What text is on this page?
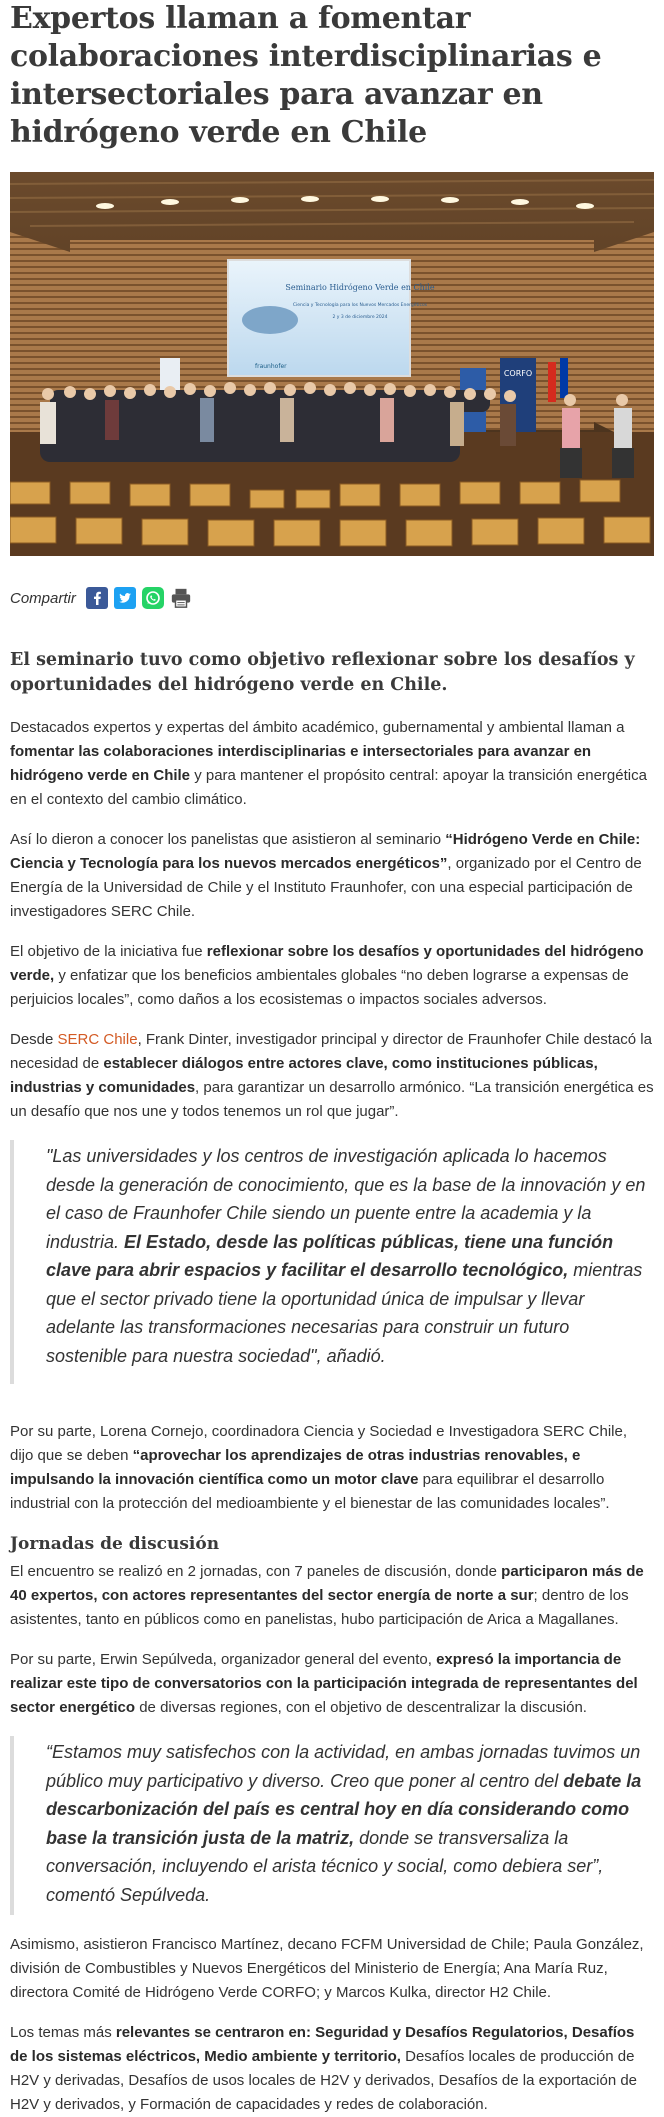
Expertos llaman a fomentar colaboraciones interdisciplinarias e intersectoriales para avanzar en hidrógeno verde en Chile
Seminario Hidrógeno Verde en Chile
Ciencia y Tecnología para los Nuevos Mercados Energéticos
2 y 3 de diciembre 2024
fraunhofer
CORFO
Compartir
El seminario tuvo como objetivo reflexionar sobre los desafíos y oportunidades del hidrógeno verde en Chile.

Destacados expertos y expertas del ámbito académico, gubernamental y ambiental llaman a fomentar las colaboraciones interdisciplinarias e intersectoriales para avanzar en hidrógeno verde en Chile y para mantener el propósito central: apoyar la transición energética en el contexto del cambio climático.

Así lo dieron a conocer los panelistas que asistieron al seminario “Hidrógeno Verde en Chile: Ciencia y Tecnología para los nuevos mercados energéticos”, organizado por el Centro de Energía de la Universidad de Chile y el Instituto Fraunhofer, con una especial participación de investigadores SERC Chile.

El objetivo de la iniciativa fue reflexionar sobre los desafíos y oportunidades del hidrógeno verde, y enfatizar que los beneficios ambientales globales “no deben lograrse a expensas de perjuicios locales”, como daños a los ecosistemas o impactos sociales adversos.

Desde SERC Chile, Frank Dinter, investigador principal y director de Fraunhofer Chile destacó la necesidad de establecer diálogos entre actores clave, como instituciones públicas, industrias y comunidades, para garantizar un desarrollo armónico. “La transición energética es un desafío que nos une y todos tenemos un rol que jugar”.

"Las universidades y los centros de investigación aplicada lo hacemos desde la generación de conocimiento, que es la base de la innovación y en el caso de Fraunhofer Chile siendo un puente entre la academia y la industria. El Estado, desde las políticas públicas, tiene una función clave para abrir espacios y facilitar el desarrollo tecnológico, mientras que el sector privado tiene la oportunidad única de impulsar y llevar adelante las transformaciones necesarias para construir un futuro sostenible para nuestra sociedad", añadió.

Por su parte, Lorena Cornejo, coordinadora Ciencia y Sociedad e Investigadora SERC Chile, dijo que se deben “aprovechar los aprendizajes de otras industrias renovables, e impulsando la innovación científica como un motor clave para equilibrar el desarrollo industrial con la protección del medioambiente y el bienestar de las comunidades locales”.

Jornadas de discusión

El encuentro se realizó en 2 jornadas, con 7 paneles de discusión, donde participaron más de 40 expertos, con actores representantes del sector energía de norte a sur; dentro de los asistentes, tanto en públicos como en panelistas, hubo participación de Arica a Magallanes.

Por su parte, Erwin Sepúlveda, organizador general del evento, expresó la importancia de realizar este tipo de conversatorios con la participación integrada de representantes del sector energético de diversas regiones, con el objetivo de descentralizar la discusión.

“Estamos muy satisfechos con la actividad, en ambas jornadas tuvimos un público muy participativo y diverso. Creo que poner al centro del debate la descarbonización del país es central hoy en día considerando como base la transición justa de la matriz, donde se transversaliza la conversación, incluyendo el arista técnico y social, como debiera ser”, comentó Sepúlveda.

Asimismo, asistieron Francisco Martínez, decano FCFM Universidad de Chile; Paula González, división de Combustibles y Nuevos Energéticos del Ministerio de Energía; Ana María Ruz, directora Comité de Hidrógeno Verde CORFO; y Marcos Kulka, director H2 Chile.

Los temas más relevantes se centraron en: Seguridad y Desafíos Regulatorios, Desafíos de los sistemas eléctricos, Medio ambiente y territorio, Desafíos locales de producción de H2V y derivadas, Desafíos de usos locales de H2V y derivados, Desafíos de la exportación de H2V y derivados, y Formación de capacidades y redes de colaboración.
